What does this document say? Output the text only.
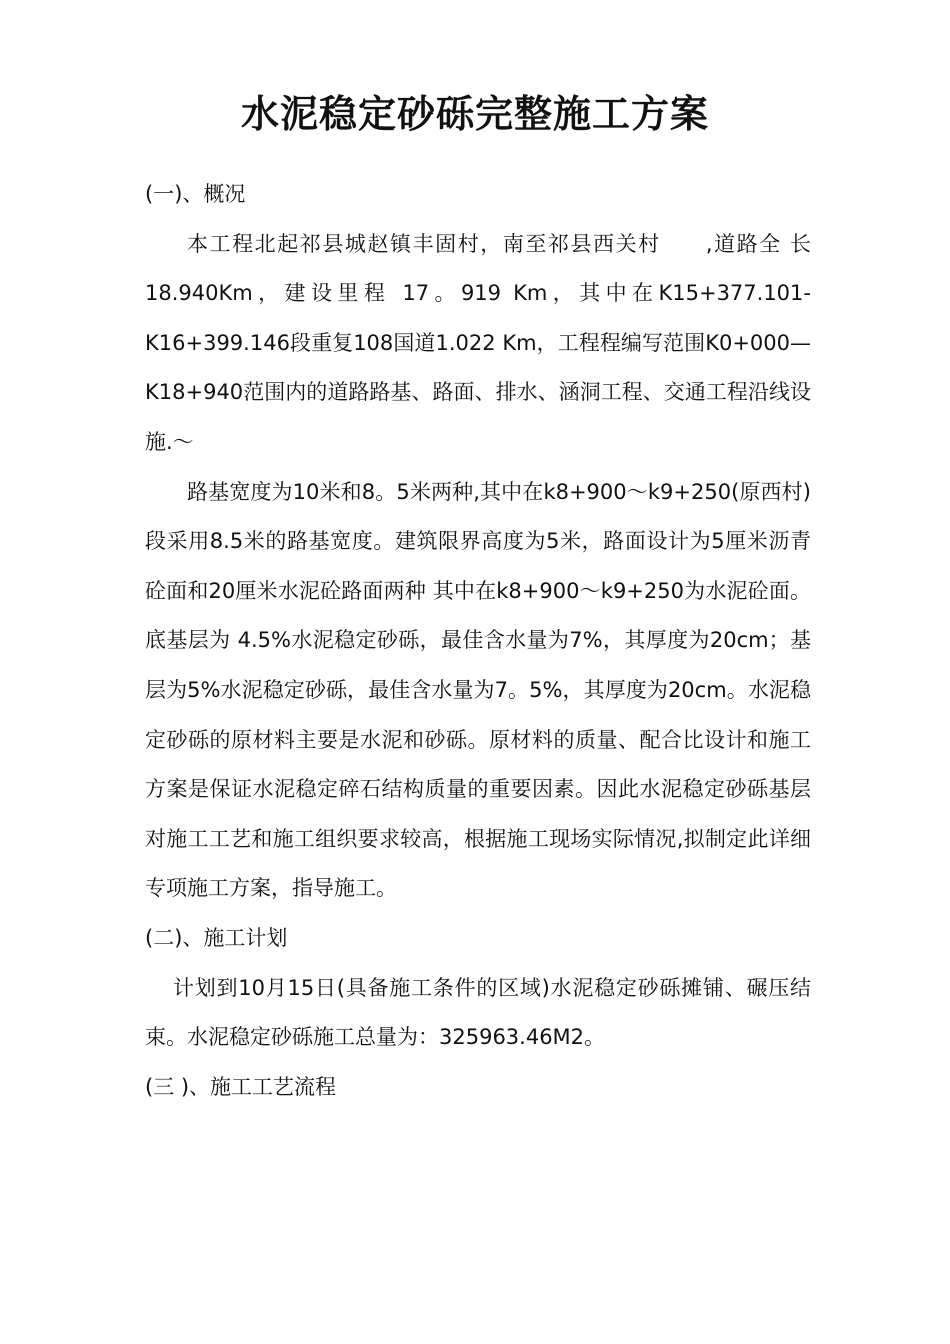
水泥稳定砂砾完整施工方案

(一)、概况

本工程北起祁县城赵镇丰固村，南至祁县西关村　　,道路全 长 18.940Km，建设里程 17。919 Km，其中在K15+377.101-K16+399.146段重复108国道1.022 Km，工程程编写范围K0+000—K18+940范围内的道路路基、路面、排水、涵洞工程、交通工程沿线设施.～

路基宽度为10米和8。5米两种,其中在k8+900～k9+250(原西村)段采用8.5米的路基宽度。建筑限界高度为5米，路面设计为5厘米沥青砼面和20厘米水泥砼路面两种 其中在k8+900～k9+250为水泥砼面。底基层为 4.5%水泥稳定砂砾，最佳含水量为7%，其厚度为20cm；基层为5%水泥稳定砂砾，最佳含水量为7。5%，其厚度为20cm。水泥稳定砂砾的原材料主要是水泥和砂砾。原材料的质量、配合比设计和施工方案是保证水泥稳定碎石结构质量的重要因素。因此水泥稳定砂砾基层对施工工艺和施工组织要求较高，根据施工现场实际情况,拟制定此详细专项施工方案，指导施工。

(二)、施工计划

计划到10月15日(具备施工条件的区域)水泥稳定砂砾摊铺、碾压结束。水泥稳定砂砾施工总量为：325963.46M2。

(三 )、施工工艺流程
